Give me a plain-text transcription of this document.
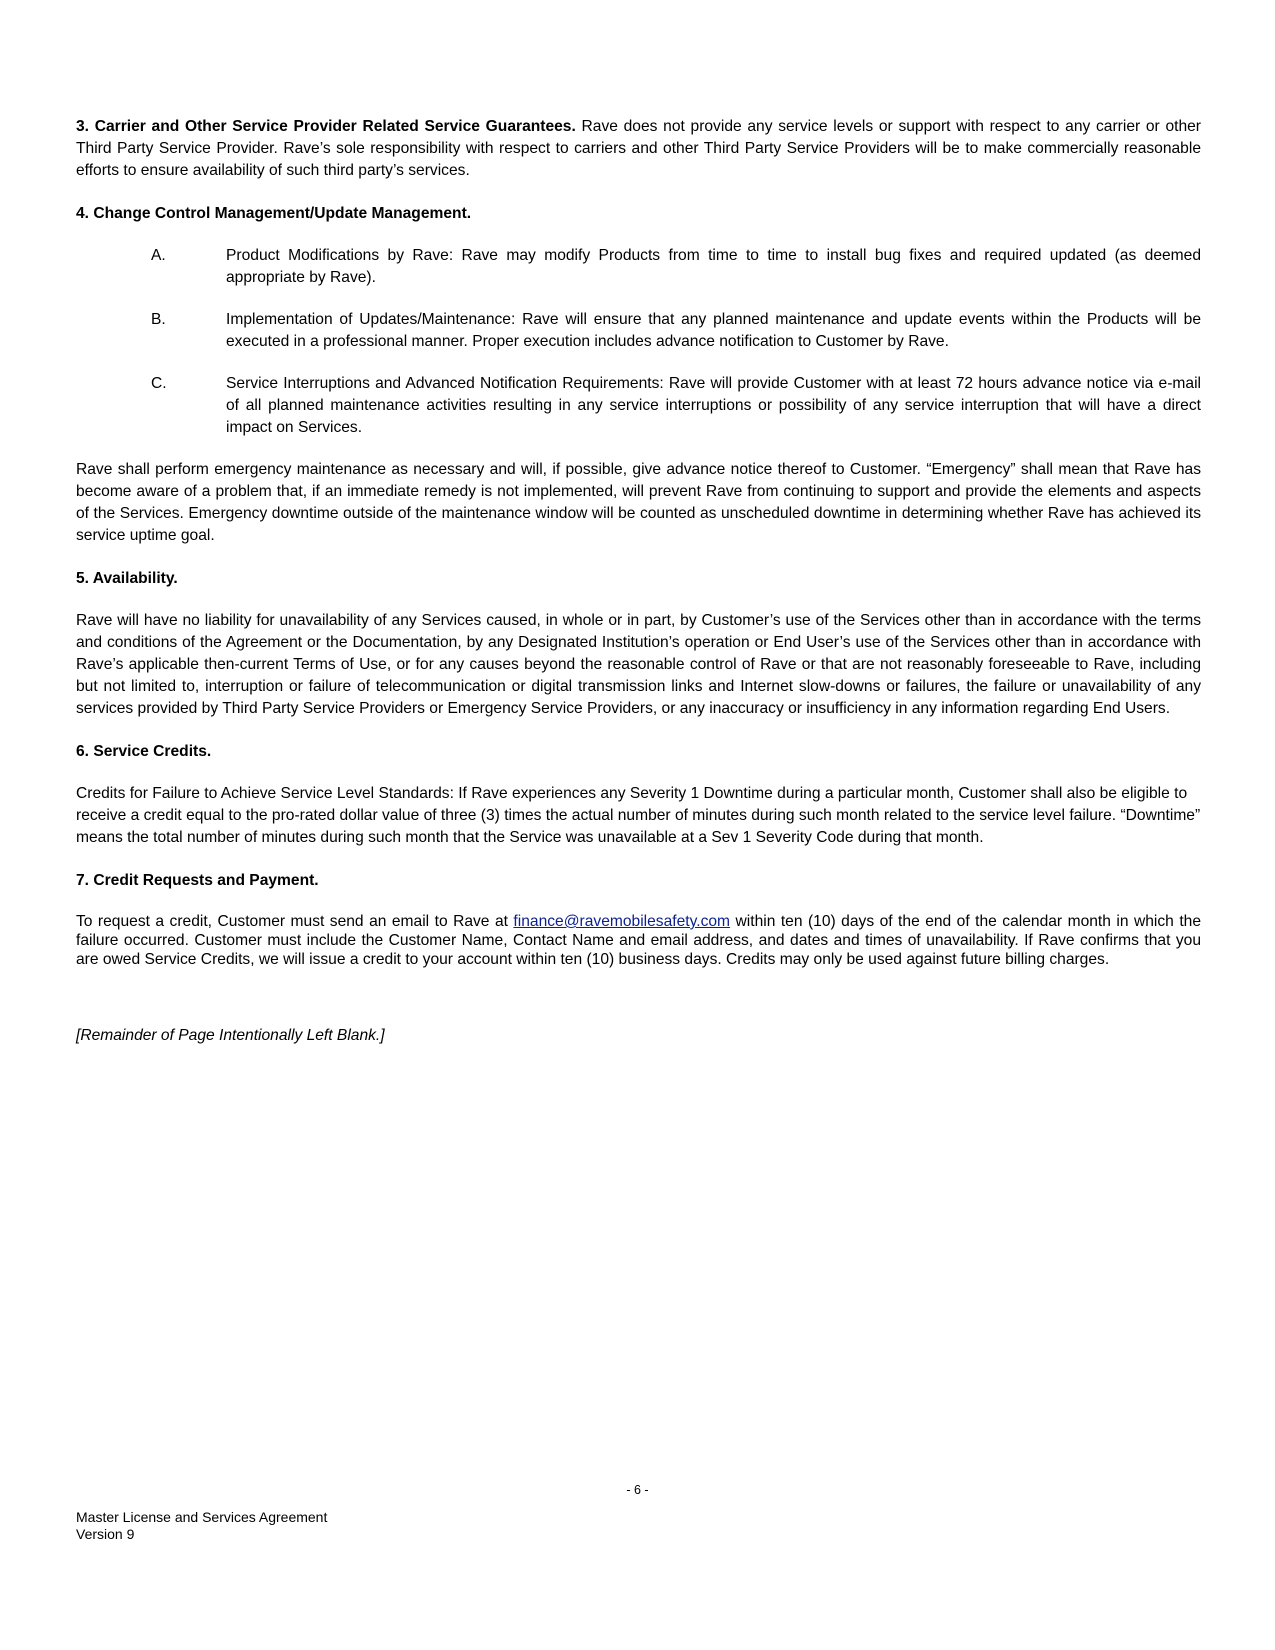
3. Carrier and Other Service Provider Related Service Guarantees. Rave does not provide any service levels or support with respect to any carrier or other Third Party Service Provider. Rave’s sole responsibility with respect to carriers and other Third Party Service Providers will be to make commercially reasonable efforts to ensure availability of such third party’s services.

4. Change Control Management/Update Management.

A.	Product Modifications by Rave: Rave may modify Products from time to time to install bug fixes and required updated (as deemed appropriate by Rave).
B.	Implementation of Updates/Maintenance: Rave will ensure that any planned maintenance and update events within the Products will be executed in a professional manner. Proper execution includes advance notification to Customer by Rave.
C.	Service Interruptions and Advanced Notification Requirements: Rave will provide Customer with at least 72 hours advance notice via e-mail of all planned maintenance activities resulting in any service interruptions or possibility of any service interruption that will have a direct impact on Services.

Rave shall perform emergency maintenance as necessary and will, if possible, give advance notice thereof to Customer. “Emergency” shall mean that Rave has become aware of a problem that, if an immediate remedy is not implemented, will prevent Rave from continuing to support and provide the elements and aspects of the Services. Emergency downtime outside of the maintenance window will be counted as unscheduled downtime in determining whether Rave has achieved its service uptime goal.

5. Availability.

Rave will have no liability for unavailability of any Services caused, in whole or in part, by Customer’s use of the Services other than in accordance with the terms and conditions of the Agreement or the Documentation, by any Designated Institution’s operation or End User’s use of the Services other than in accordance with Rave’s applicable then-current Terms of Use, or for any causes beyond the reasonable control of Rave or that are not reasonably foreseeable to Rave, including but not limited to, interruption or failure of telecommunication or digital transmission links and Internet slow-downs or failures, the failure or unavailability of any services provided by Third Party Service Providers or Emergency Service Providers, or any inaccuracy or insufficiency in any information regarding End Users.

6. Service Credits.

Credits for Failure to Achieve Service Level Standards: If Rave experiences any Severity 1 Downtime during a particular month, Customer shall also be eligible to receive a credit equal to the pro-rated dollar value of three (3) times the actual number of minutes during such month related to the service level failure. “Downtime” means the total number of minutes during such month that the Service was unavailable at a Sev 1 Severity Code during that month.

7. Credit Requests and Payment.

To request a credit, Customer must send an email to Rave at finance@ravemobilesafety.com within ten (10) days of the end of the calendar month in which the failure occurred. Customer must include the Customer Name, Contact Name and email address, and dates and times of unavailability. If Rave confirms that you are owed Service Credits, we will issue a credit to your account within ten (10) business days. Credits may only be used against future billing charges.

[Remainder of Page Intentionally Left Blank.]

- 6 -
Master License and Services Agreement
Version 9
